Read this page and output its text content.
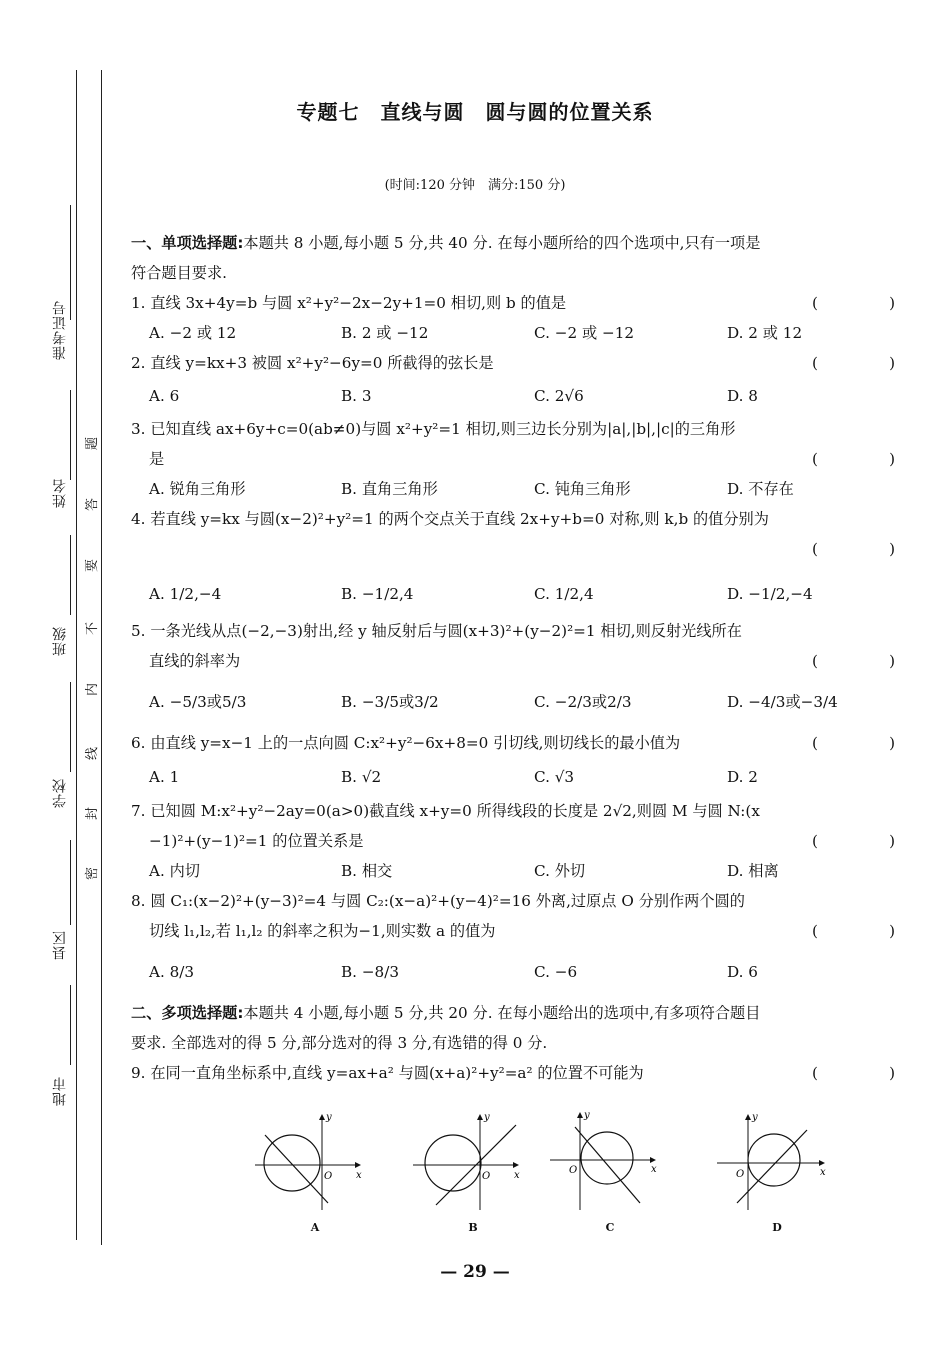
准考证号
姓名
班级
学校
县区
地市
题
答
要
不
内
线
封
密
专题七　直线与圆　圆与圆的位置关系
(时间:120 分钟　满分:150 分)
一、单项选择题:本题共 8 小题,每小题 5 分,共 40 分. 在每小题所给的四个选项中,只有一项是
符合题目要求.
1. 直线 3x+4y=b 与圆 x²+y²−2x−2y+1=0 相切,则 b 的值是	(　)
A. −2 或 12	B. 2 或 −12	C. −2 或 −12	D. 2 或 12
2. 直线 y=kx+3 被圆 x²+y²−6y=0 所截得的弦长是	(　)
A. 6	B. 3	C. 2√6	D. 8
3. 已知直线 ax+6y+c=0(ab≠0)与圆 x²+y²=1 相切,则三边长分别为|a|,|b|,|c|的三角形
是	(　)
A. 锐角三角形	B. 直角三角形	C. 钝角三角形	D. 不存在
4. 若直线 y=kx 与圆(x−2)²+y²=1 的两个交点关于直线 2x+y+b=0 对称,则 k,b 的值分别为
(　)
A. 1/2,−4	B. −1/2,4	C. 1/2,4	D. −1/2,−4
5. 一条光线从点(−2,−3)射出,经 y 轴反射后与圆(x+3)²+(y−2)²=1 相切,则反射光线所在
直线的斜率为	(　)
A. −5/3或5/3	B. −3/5或3/2	C. −2/3或2/3	D. −4/3或−3/4
6. 由直线 y=x−1 上的一点向圆 C:x²+y²−6x+8=0 引切线,则切线长的最小值为	(　)
A. 1	B. √2	C. √3	D. 2
7. 已知圆 M:x²+y²−2ay=0(a>0)截直线 x+y=0 所得线段的长度是 2√2,则圆 M 与圆 N:(x
−1)²+(y−1)²=1 的位置关系是	(　)
A. 内切	B. 相交	C. 外切	D. 相离
8. 圆 C₁:(x−2)²+(y−3)²=4 与圆 C₂:(x−a)²+(y−4)²=16 外离,过原点 O 分别作两个圆的
切线 l₁,l₂,若 l₁,l₂ 的斜率之积为−1,则实数 a 的值为	(　)
A. 8/3	B. −8/3	C. −6	D. 6
二、多项选择题:本题共 4 小题,每小题 5 分,共 20 分. 在每小题给出的选项中,有多项符合题目
要求. 全部选对的得 5 分,部分选对的得 3 分,有选错的得 0 分.
9. 在同一直角坐标系中,直线 y=ax+a² 与圆(x+a)²+y²=a² 的位置不可能为	(　)
x
y
O
A
x
y
O
B
x
y
O
C
x
y
O
D
— 29 —
